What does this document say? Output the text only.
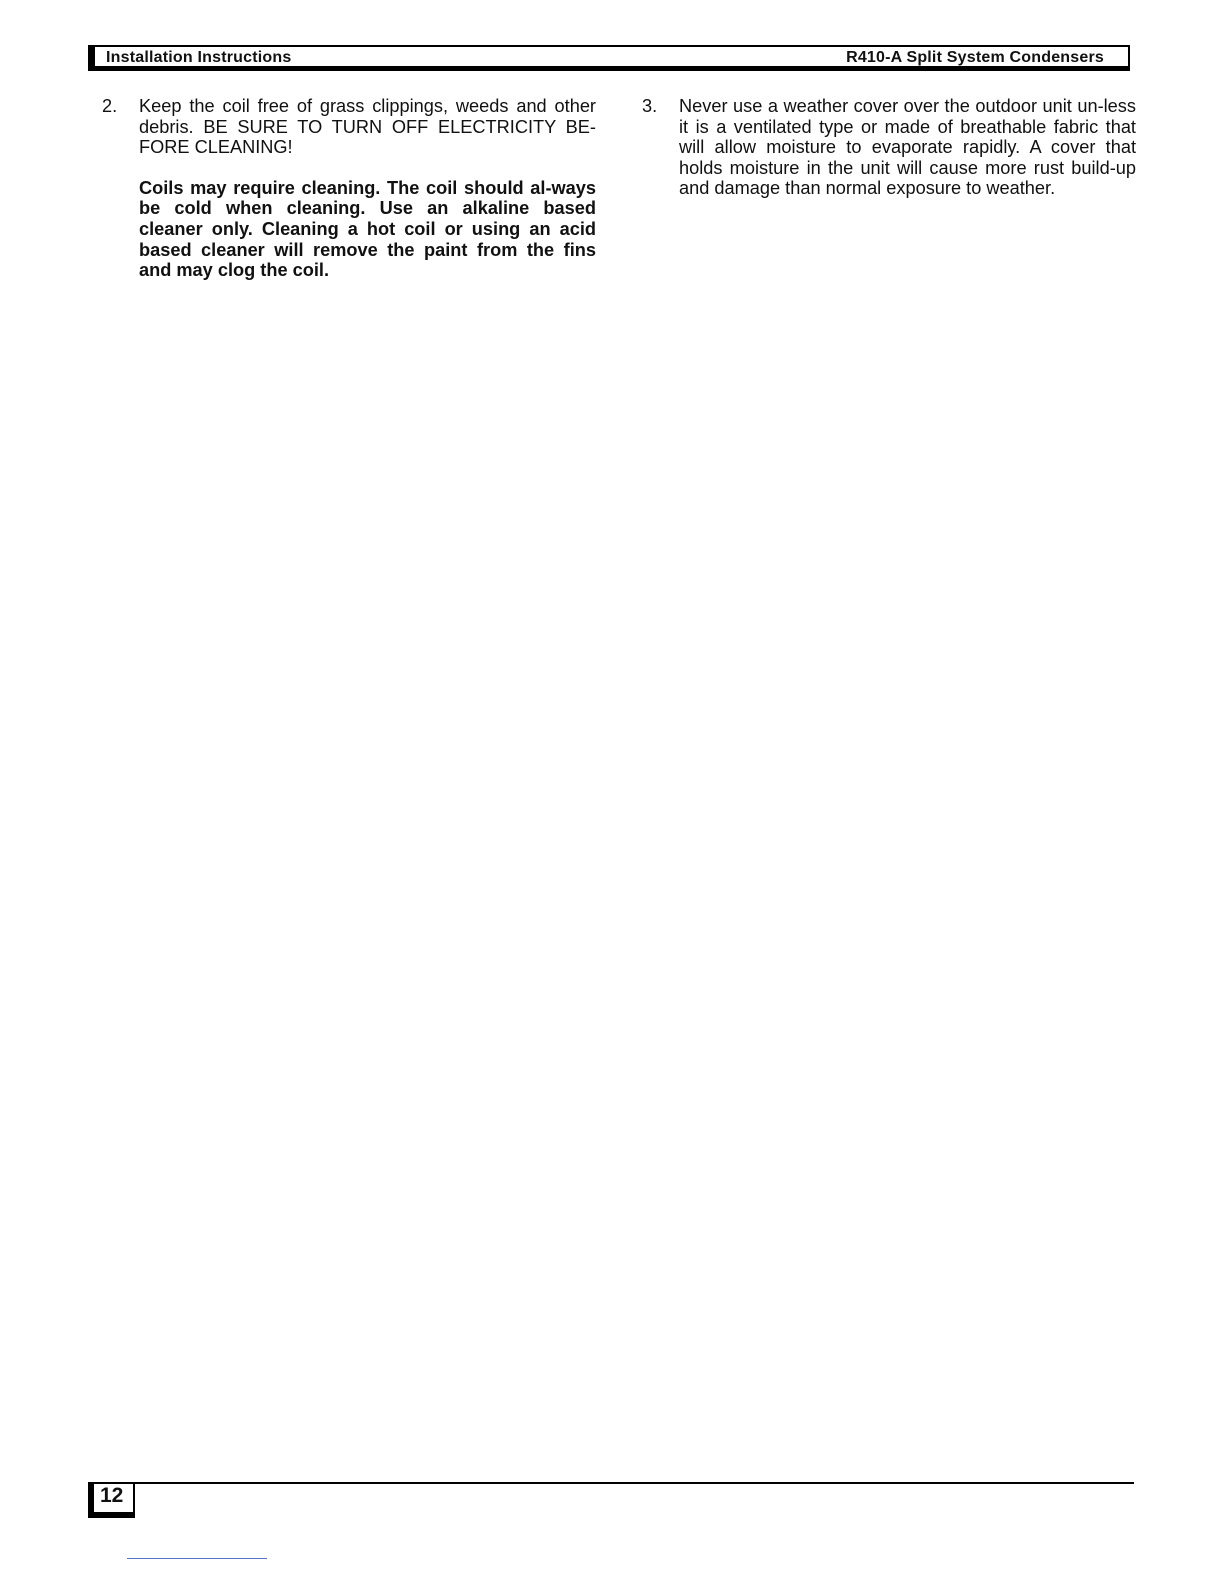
Installation Instructions	R410-A Split System Condensers
2.	Keep the coil free of grass clippings, weeds and other debris. BE SURE TO TURN OFF ELECTRICITY BE-FORE CLEANING!

Coils may require cleaning. The coil should al-ways be cold when cleaning. Use an alkaline based cleaner only. Cleaning a hot coil or using an acid based cleaner will remove the paint from the fins and may clog the coil.

3.	Never use a weather cover over the outdoor unit un-less it is a ventilated type or made of breathable fabric that will allow moisture to evaporate rapidly. A cover that holds moisture in the unit will cause more rust build-up and damage than normal exposure to weather.

12
